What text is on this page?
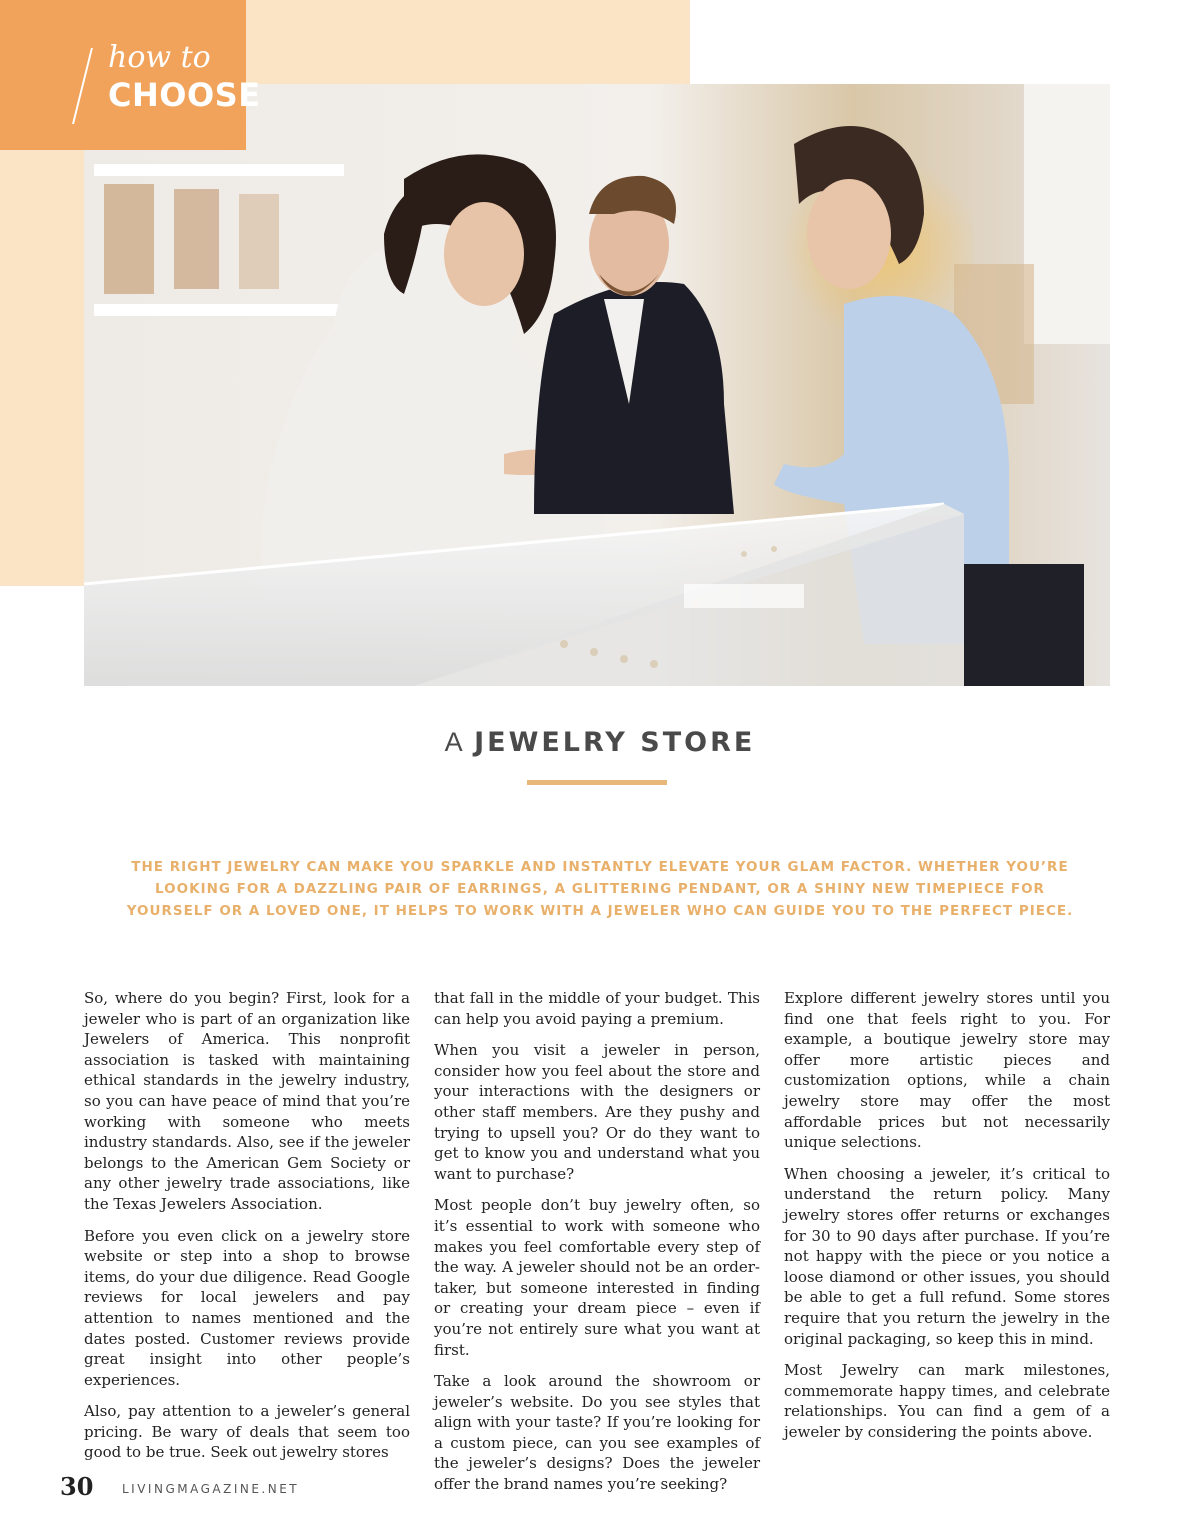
how to

CHOOSE

A JEWELRY STORE

THE RIGHT JEWELRY CAN MAKE YOU SPARKLE AND INSTANTLY ELEVATE YOUR GLAM FACTOR. WHETHER YOU’RE LOOKING FOR A DAZZLING PAIR OF EARRINGS, A GLITTERING PENDANT, OR A SHINY NEW TIMEPIECE FOR YOURSELF OR A LOVED ONE, IT HELPS TO WORK WITH A JEWELER WHO CAN GUIDE YOU TO THE PERFECT PIECE.

So, where do you begin? First, look for a jeweler who is part of an organization like Jewelers of America. This nonprofit association is tasked with maintaining ethical standards in the jewelry industry, so you can have peace of mind that you’re working with someone who meets industry standards. Also, see if the jeweler belongs to the American Gem Society or any other jewelry trade associations, like the Texas Jewelers Association.

Before you even click on a jewelry store website or step into a shop to browse items, do your due diligence. Read Google reviews for local jewelers and pay attention to names mentioned and the dates posted. Customer reviews provide great insight into other people’s experiences.

Also, pay attention to a jeweler’s general pricing. Be wary of deals that seem too good to be true. Seek out jewelry stores

that fall in the middle of your budget. This can help you avoid paying a premium.

When you visit a jeweler in person, consider how you feel about the store and your interactions with the designers or other staff members. Are they pushy and trying to upsell you? Or do they want to get to know you and understand what you want to purchase?

Most people don’t buy jewelry often, so it’s essential to work with someone who makes you feel comfortable every step of the way. A jeweler should not be an order-taker, but someone interested in finding or creating your dream piece – even if you’re not entirely sure what you want at first.

Take a look around the showroom or jeweler’s website. Do you see styles that align with your taste? If you’re looking for a custom piece, can you see examples of the jeweler’s designs? Does the jeweler offer the brand names you’re seeking?

Explore different jewelry stores until you find one that feels right to you. For example, a boutique jewelry store may offer more artistic pieces and customization options, while a chain jewelry store may offer the most affordable prices but not necessarily unique selections.

When choosing a jeweler, it’s critical to understand the return policy. Many jewelry stores offer returns or exchanges for 30 to 90 days after purchase. If you’re not happy with the piece or you notice a loose diamond or other issues, you should be able to get a full refund. Some stores require that you return the jewelry in the original packaging, so keep this in mind.

Most Jewelry can mark milestones, commemorate happy times, and celebrate relationships. You can find a gem of a jeweler by considering the points above.

30 LIVINGMAGAZINE.NET
